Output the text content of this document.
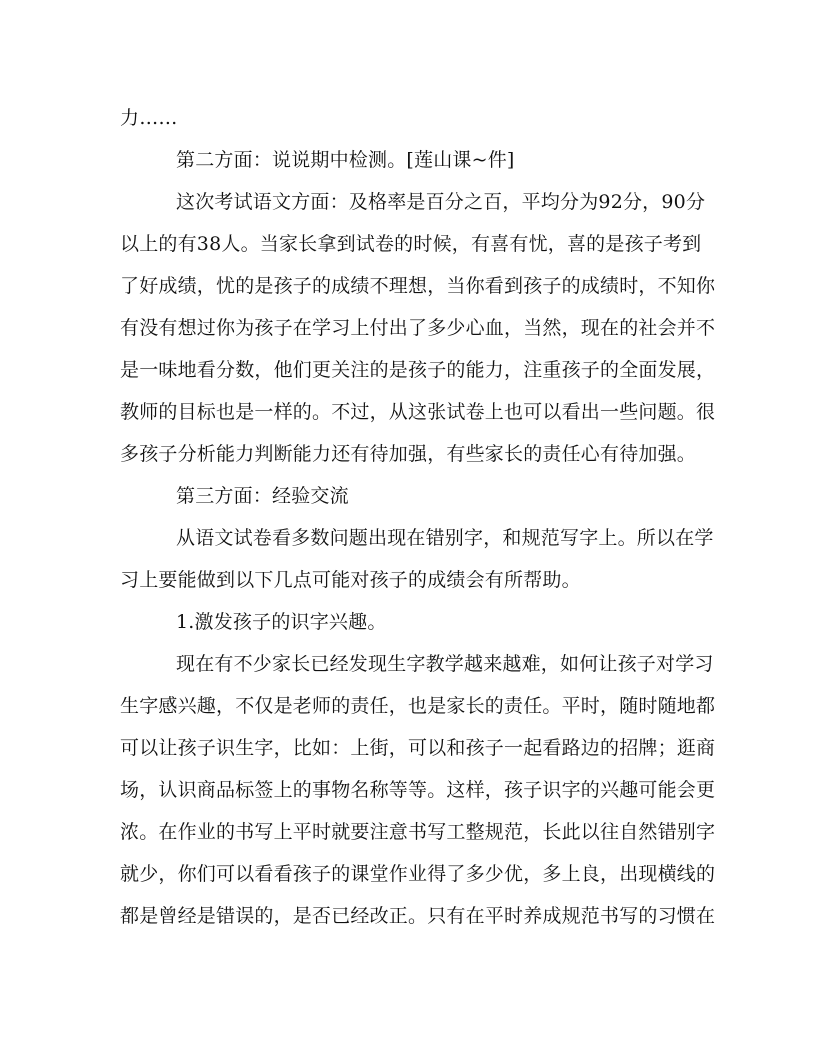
力……
第二方面：说说期中检测。[莲山课~件]
这次考试语文方面：及格率是百分之百，平均分为92分，90分
以上的有38人。当家长拿到试卷的时候，有喜有忧，喜的是孩子考到
了好成绩，忧的是孩子的成绩不理想，当你看到孩子的成绩时，不知你
有没有想过你为孩子在学习上付出了多少心血，当然，现在的社会并不
是一味地看分数，他们更关注的是孩子的能力，注重孩子的全面发展，
教师的目标也是一样的。不过，从这张试卷上也可以看出一些问题。很
多孩子分析能力判断能力还有待加强，有些家长的责任心有待加强。
第三方面：经验交流
从语文试卷看多数问题出现在错别字，和规范写字上。所以在学
习上要能做到以下几点可能对孩子的成绩会有所帮助。
1.激发孩子的识字兴趣。
现在有不少家长已经发现生字教学越来越难，如何让孩子对学习
生字感兴趣，不仅是老师的责任，也是家长的责任。平时，随时随地都
可以让孩子识生字，比如：上街，可以和孩子一起看路边的招牌；逛商
场，认识商品标签上的事物名称等等。这样，孩子识字的兴趣可能会更
浓。在作业的书写上平时就要注意书写工整规范，长此以往自然错别字
就少，你们可以看看孩子的课堂作业得了多少优，多上良，出现横线的
都是曾经是错误的，是否已经改正。只有在平时养成规范书写的习惯在
